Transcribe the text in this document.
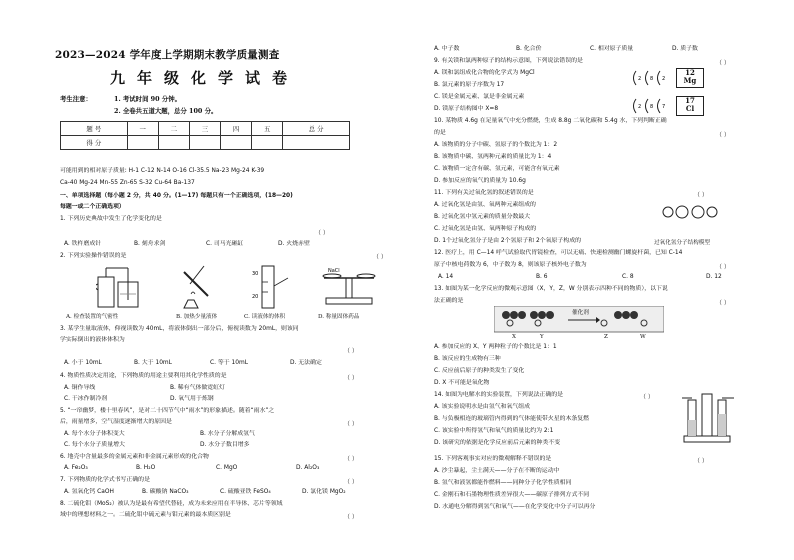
2023—2024 学年度上学期期末教学质量测查
九年级化学试卷
考生注意：	1. 考试时间 90 分钟。
2. 全卷共五道大题，总分 100 分。
题 号	一	二	三	四	五	总 分
得 分						
可能用到的相对原子质量: H-1 C-12 N-14 O-16 Cl-35.5 Na-23 Mg-24 K-39
Ca-40 Mg-24 Mn-55 Zn-65 S-32 Cu-64 Ba-137
一、单项选择题（每小题 2 分，共 40 分。(1—17) 每题只有一个正确选项，(18—20)
每题一或二个正确选项）
1. 下列历史典故中发生了化学变化的是
（ ）
A. 铁杵磨成针	B. 刻舟求剑	C. 司马光砸缸	D. 火烧赤壁
2. 下列实验操作错误的是	（ ）
30
20
NaCl
A. 检查装置的气密性	B. 加热少量液体	C. 读液体的体积	D. 称量固体药品
3. 某学生量取液体，仰视读数为 40mL，将液体倒出一部分后，俯视读数为 20mL，则该同
学实际倒出的液体体积为
（ ）
A. 小于 10mL	B. 大于 10mL	C. 等于 10mL	D. 无法确定
4. 物质性质决定用途，下列物质的用途主要利用其化学性质的是	（ ）
A. 铜作导线	B. 稀有气体做霓虹灯
C. 干冰作制冷剂	D. 氧气用于炼钢
5. “一帘幽梦，楼十里春风”，是对二十四节气中“雨水”的形象描述。随着“雨水”之
后，雨量增多，空气湿度逐渐增大的原因是	（ ）
A. 每个水分子体积变大	B. 水分子分解成氢气
C. 每个水分子质量增大	D. 水分子数目增多
6. 地壳中含量最多的金属元素和非金属元素形成的化合物	（ ）
A. Fe₂O₃	B. H₂O	C. MgO	D. Al₂O₃
7. 下列物质的化学式书写正确的是	（ ）
A. 氢氧化钙 CaOH	B. 碳酸钠 NaCO₃	C. 硫酸亚铁 FeSO₄	D. 氯化镁 MgO₂
8. 二硫化钼（MoS₂）被认为是最有希望代替硅，成为未来应用在半导体、芯片等领域
域中的理想材料之一。二硫化钼中硫元素与钼元素的最本质区别是	（ ）
A. 中子数	B. 化合价	C. 相对原子质量	D. 质子数
9. 有关镁和氯两种原子的结构示意图，下列说法错误的是	（ ）
A. 镁和氯组成化合物的化学式为 MgCl
B. 氯元素的原子序数为 17
C. 镁是金属元素、氯是非金属元素
D. 镁原子结构图中 X=8
12
Mg
2 8 2
17
Cl
2 8 7
10. 某物质 4.6g 在足量氧气中充分燃烧，生成 8.8g 二氧化碳和 5.4g 水，下列判断正确
的是	（ ）
A. 该物质的分子中碳、氢原子的个数比为 1：2
B. 该物质中碳、氢两种元素的质量比为 1：4
C. 该物质一定含有碳、氢元素，可能含有氧元素
D. 参加反应的氧气的质量为 10.6g
11. 下列有关过氧化氢的叙述错误的是	（ ）
A. 过氧化氢是由氢、氧两种元素组成的
B. 过氧化氢中氢元素的质量分数最大
C. 过氧化氢是由氢、氧两种原子构成的
D. 1个过氧化氢分子是由 2个氢原子和 2个氧原子构成的	过氧化氢分子结构模型
12. 医疗上，用 C—14 呼气试验取代胃镜检查，可以无痛、快速检测幽门螺旋杆菌，已知 C-14
原子中核电荷数为 6，中子数为 8，则该原子核外电子数为	（ ）
A. 14	B. 6	C. 8	D. 12
13. 如图为某一化学反应的微观示意图（X，Y，Z，W 分别表示四种不同的物质），以下说
法正确的是	（ ）
催化剂
X	Y	Z	W
A. 参加反应的 X、Y 两种粒子的个数比是 1：1
B. 该反应的生成物有三种
C. 反应前后原子的种类发生了变化
D. X 不可能是氧化物
14. 如图为电解水的实验装置，下列说法正确的是	（ ）
A. 该实验说明水是由氢气和氧气组成
B. 与负极相连的玻璃管内得到的气体能使带火星的木条复燃
C. 该实验中所得氢气和氧气的质量比约为 2:1
D. 该研究的依据是化学反应前后元素的种类不变
15. 下列客观事实对应的微观解释不错误的是	（ ）
A. 沙尘暴起，尘土满天——分子在不断的运动中
B. 氢气和液氢都能作燃料——同种分子化学性质相同
C. 金刚石和石墨物理性质差异很大——碳原子排列方式不同
D. 水通电分解得到氢气和氧气——在化学变化中分子可以再分
